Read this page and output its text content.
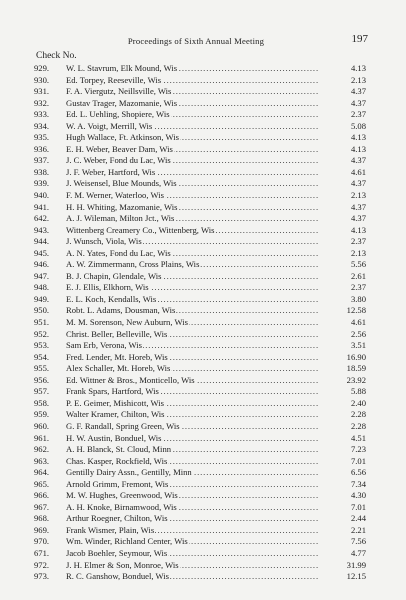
Proceedings of Sixth Annual Meeting	197
Check No.
929.	W. L. Stavrum, Elk Mound, Wis .....	4.13
930.	Ed. Torpey, Reeseville, Wis .....	2.13
931.	F. A. Viergutz, Neillsville, Wis .....	4.37
932.	Gustav Trager, Mazomanie, Wis .....	4.37
933.	Ed. L. Uehling, Shopiere, Wis .....	2.37
934.	W. A. Voigt, Merrill, Wis .....	5.08
935.	Hugh Wallace, Ft. Atkinson, Wis .....	4.13
936.	E. H. Weber, Beaver Dam, Wis .....	4.13
937.	J. C. Weber, Fond du Lac, Wis .....	4.37
938.	J. F. Weber, Hartford, Wis .....	4.61
939.	J. Weisensel, Blue Mounds, Wis .....	4.37
940.	F. M. Werner, Waterloo, Wis .....	2.13
941.	H. H. Whiting, Mazomanie, Wis .....	4.37
642.	A. J. Wileman, Milton Jct., Wis .....	4.37
943.	Wittenberg Creamery Co., Wittenberg, Wis .....	4.13
944.	J. Wunsch, Viola, Wis .....	2.37
945.	A. N. Yates, Fond du Lac, Wis .....	2.13
946.	A. W. Zimmermann, Cross Plains, Wis .....	5.56
947.	B. J. Chapin, Glendale, Wis .....	2.61
948.	E. J. Ellis, Elkhorn, Wis .....	2.37
949.	E. L. Koch, Kendalls, Wis .....	3.80
950.	Robt. L. Adams, Dousman, Wis .....	12.58
951.	M. M. Sorenson, New Auburn, Wis .....	4.61
952.	Christ. Beller, Belleville, Wis .....	2.56
953.	Sam Erb, Verona, Wis .....	3.51
954.	Fred. Lender, Mt. Horeb, Wis .....	16.90
955.	Alex Schaller, Mt. Horeb, Wis .....	18.59
956.	Ed. Wittner & Bros., Monticello, Wis .....	23.92
957.	Frank Spars, Hartford, Wis .....	5.88
958.	P. E. Geimer, Mishicott, Wis .....	2.40
959.	Walter Kramer, Chilton, Wis .....	2.28
960.	G. F. Randall, Spring Green, Wis .....	2.28
961.	H. W. Austin, Bonduel, Wis .....	4.51
962.	A. H. Blanck, St. Cloud, Minn .....	7.23
963.	Chas. Kasper, Rockfield, Wis .....	7.01
964.	Gentilly Dairy Assn., Gentilly, Minn .....	6.56
965.	Arnold Grimm, Fremont, Wis .....	7.34
966.	M. W. Hughes, Greenwood, Wis .....	4.30
967.	A. H. Knoke, Birnamwood, Wis .....	7.01
968.	Arthur Roegner, Chilton, Wis .....	2.44
969.	Frank Wismer, Plain, Wis .....	2.21
970.	Wm. Winder, Richland Center, Wis .....	7.56
671.	Jacob Boehler, Seymour, Wis .....	4.77
972.	J. H. Elmer & Son, Monroe, Wis .....	31.99
973.	R. C. Ganshow, Bonduel, Wis .....	12.15
